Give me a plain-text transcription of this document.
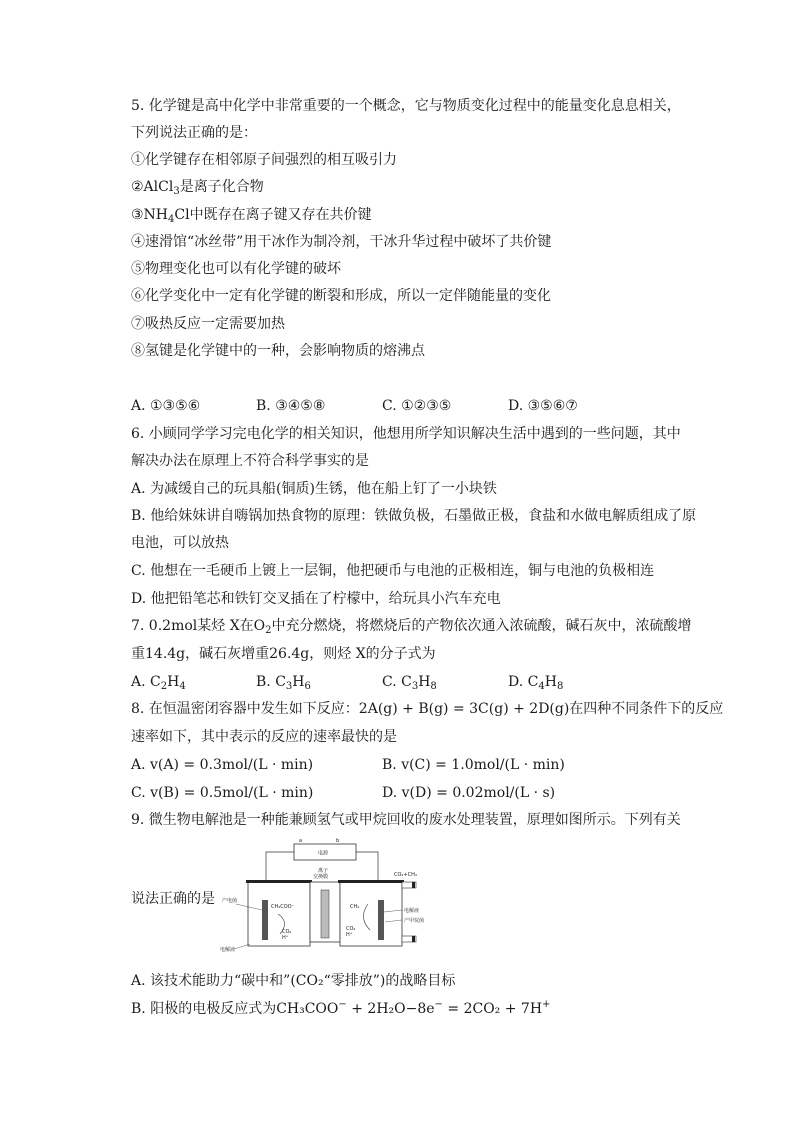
5. 化学键是高中化学中非常重要的一个概念，它与物质变化过程中的能量变化息息相关，
下列说法正确的是：
①化学键存在相邻原子间强烈的相互吸引力
②AlCl$_3$是离子化合物
$③NH_4Cl$中既存在离子键又存在共价键
④速滑馆“冰丝带”用干冰作为制冷剂，干冰升华过程中破坏了共价键
⑤物理变化也可以有化学键的破坏
⑥化学变化中一定有化学键的断裂和形成，所以一定伴随能量的变化
⑦吸热反应一定需要加热
⑧氢键是化学键中的一种，会影响物质的熔沸点
A. ①③⑤⑥	B. ③④⑤⑧	C. ①②③⑤	D. ③⑤⑥⑦
6. 小顾同学学习完电化学的相关知识，他想用所学知识解决生活中遇到的一些问题，其中
解决办法在原理上不符合科学事实的是
A. 为减缓自己的玩具船(铜质)生锈，他在船上钉了一小块铁
B. 他给妹妹讲自嗨锅加热食物的原理：铁做负极，石墨做正极，食盐和水做电解质组成了原
电池，可以放热
C. 他想在一毛硬币上镀上一层铜，他把硬币与电池的正极相连，铜与电池的负极相连
D. 他把铅笔芯和铁钉交叉插在了柠檬中，给玩具小汽车充电
7. 0.2mol某烃 X在$O_2$中充分燃烧，将燃烧后的产物依次通入浓硫酸，碱石灰中，浓硫酸增
重14.4g，碱石灰增重26.4g，则烃 X的分子式为
A. $C_2H_4$	B. $C_3H_6$	C. $C_3H_8$	D. $C_4H_8$
8. 在恒温密闭容器中发生如下反应：2A(g) + B(g) = 3C(g) + 2D(g)在四种不同条件下的反应
速率如下，其中表示的反应的速率最快的是
A. v(A) = 0.3mol/(L · min)	B. v(C) = 1.0mol/(L · min)
C. v(B) = 0.5mol/(L · min)	D. v(D) = 0.02mol/(L · s)
9. 微生物电解池是一种能兼顾氢气或甲烷回收的废水处理装置，原理如图所示。下列有关
说法正确的是
电源
a	b
CH₃COO⁻
CO₂
H⁺
产电菌
电解液
离子
交换膜
CH₄
CO₂
H⁺
CO₂+CH₄
电解液
产甲烷菌
A. 该技术能助力“碳中和”(CO₂“零排放”)的战略目标
B. 阳极的电极反应式为CH₃COO− + 2H₂O−8e− = 2CO₂ + 7H+
